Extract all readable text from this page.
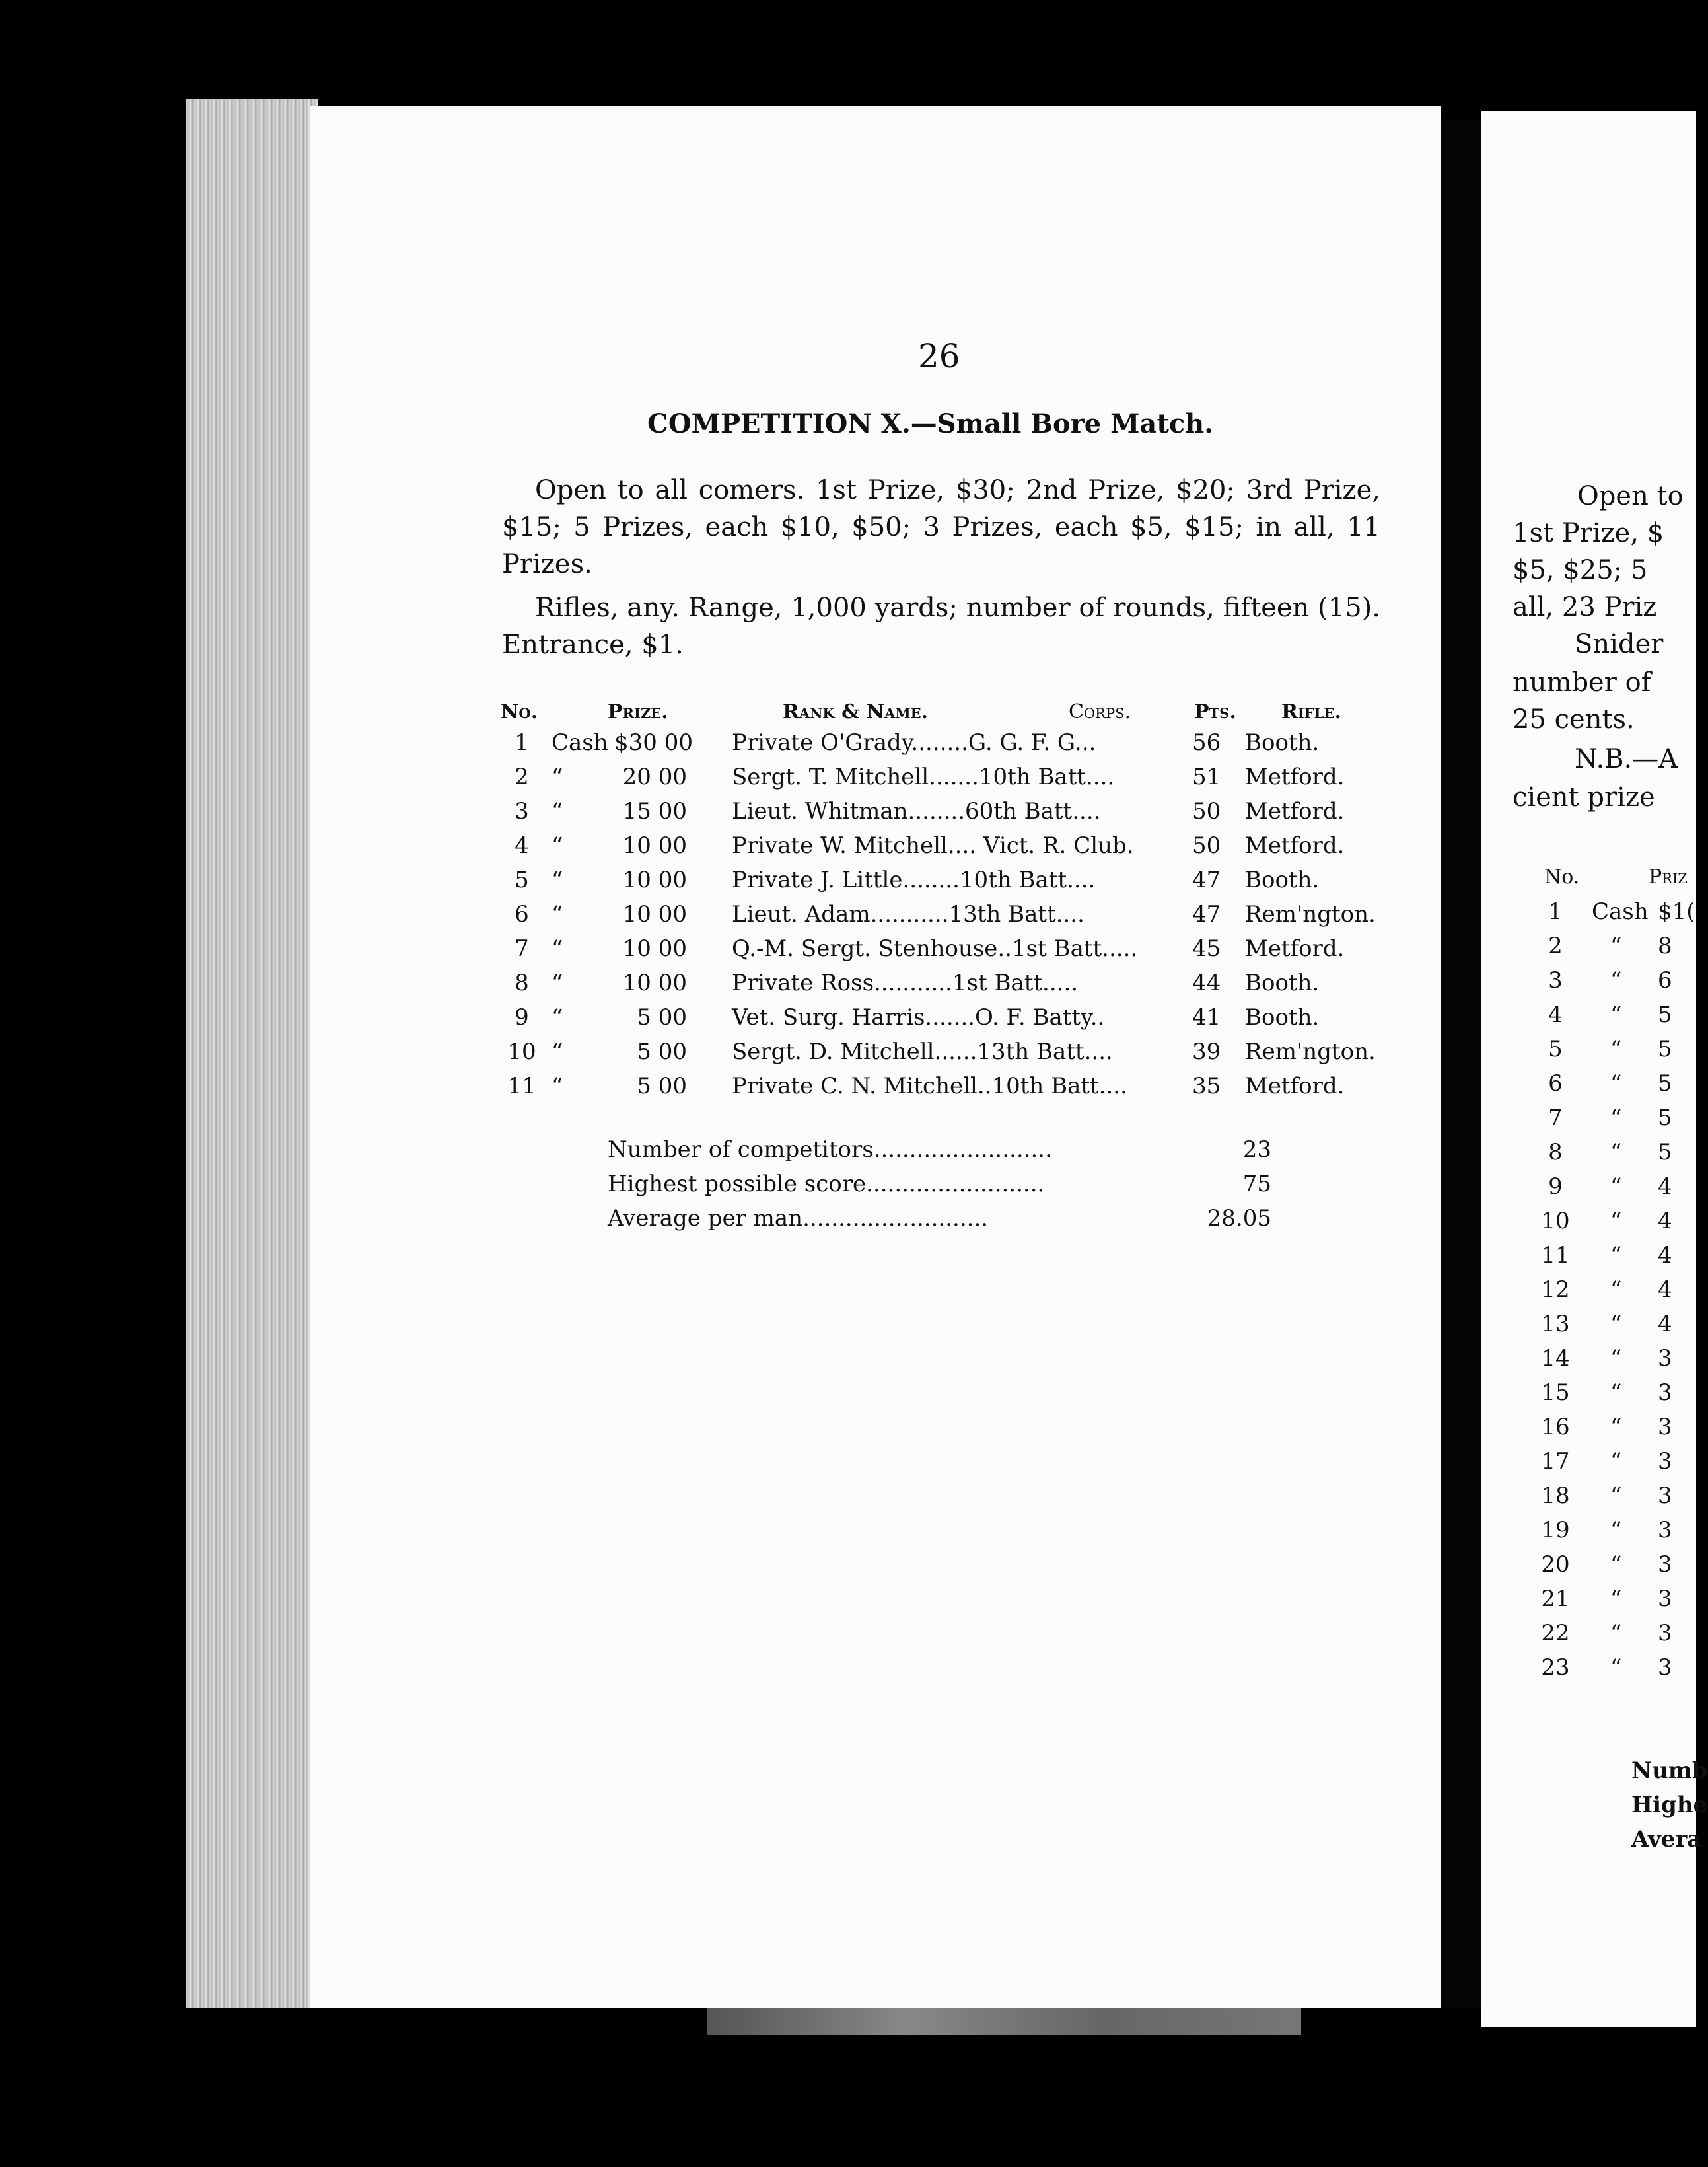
26
COMPETITION X.—Small Bore Match.
Open to all comers. 1st Prize, $30; 2nd Prize, $20; 3rd Prize, $15; 5 Prizes, each $10, $50; 3 Prizes, each $5, $15; in all, 11 Prizes.
Rifles, any. Range, 1,000 yards; number of rounds, fifteen (15). Entrance, $1.
No.	Prize.	Rank & Name.	Corps.	Pts. Rifle.
1	Cash $30 00 Private O'Grady........G. G. F. G...	56 Booth.
2	“	20 00 Sergt. T. Mitchell.......10th Batt....	51 Metford.
3	“	15 00 Lieut. Whitman........60th Batt....	50 Metford.
4	“	10 00 Private W. Mitchell.... Vict. R. Club.	50 Metford.
5	“	10 00 Private J. Little........10th Batt....	47 Booth.
6	“	10 00 Lieut. Adam...........13th Batt....	47 Rem'ngton.
7	“	10 00 Q.-M. Sergt. Stenhouse..1st Batt..... 45 Metford.
8	“	10 00 Private Ross...........1st Batt.....	44 Booth.
9	“	5 00 Vet. Surg. Harris.......O. F. Batty..	41 Booth.
10 “	5 00 Sergt. D. Mitchell......13th Batt....	39 Rem'ngton.
11 “	5 00 Private C. N. Mitchell..10th Batt....	35 Metford.
Number of competitors.........................	23
Highest possible score.........................	75
Average per man..........................	28.05
Open to
1st Prize, $
$5, $25; 5
all, 23 Priz
Snider
number of
25 cents.
N.B.—A
cient prize
No.	Priz
1	Cash $1(
2	“ 8
3	“ 6
4	“ 5
5	“ 5
6	“ 5
7	“ 5
8	“ 5
9	“ 4
10 “ 4
11 “ 4
12 “ 4
13 “ 4
14 “ 3
15 “ 3
16 “ 3
17 “ 3
18 “ 3
19 “ 3
20 “ 3
21 “ 3
22 “ 3
23 “ 3
Numb
Highe
Avera
